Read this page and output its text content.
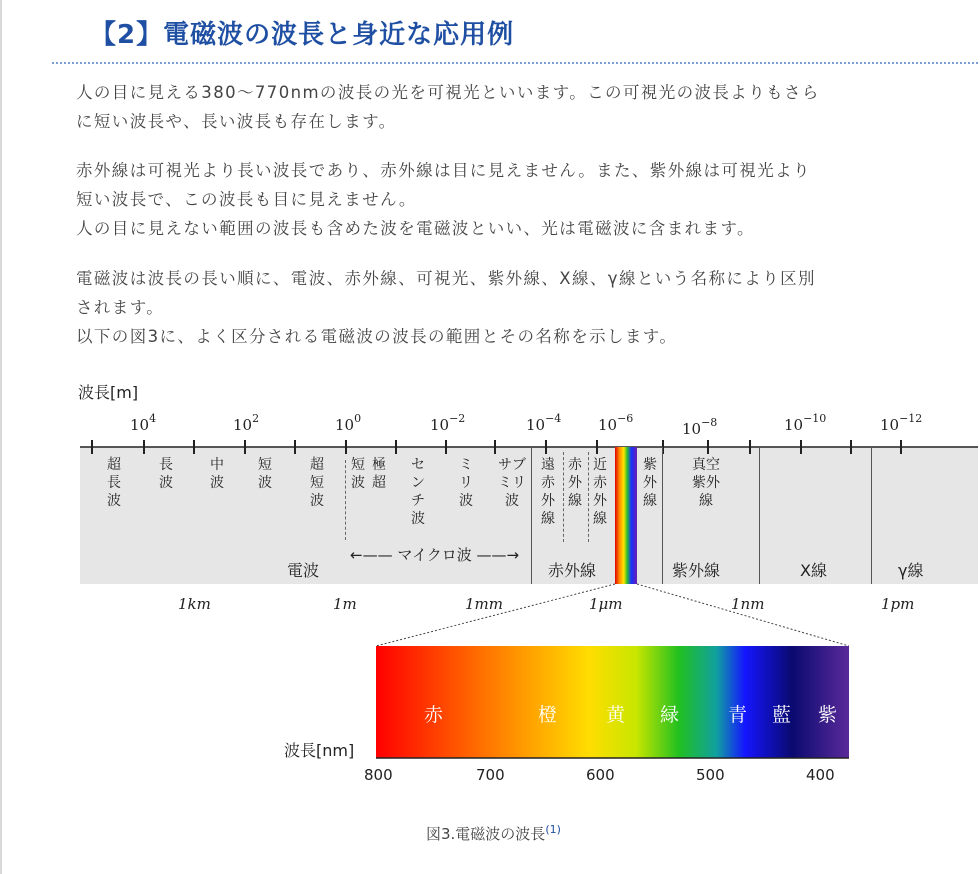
【2】電磁波の波長と身近な応用例

人の目に見える380〜770nmの波長の光を可視光といいます。この可視光の波長よりもさら
に短い波長や、長い波長も存在します。

赤外線は可視光より長い波長であり、赤外線は目に見えません。また、紫外線は可視光より
短い波長で、この波長も目に見えません。
人の目に見えない範囲の波長も含めた波を電磁波といい、光は電磁波に含まれます。

電磁波は波長の長い順に、電波、赤外線、可視光、紫外線、X線、γ線という名称により区別
されます。
以下の図3に、よく区分される電磁波の波長の範囲とその名称を示します。

波長[m]
$10^4$	$10^2$	$10^0$	$10^{-2}$	$10^{-4}$ $10^{-6}$
$10^{-8}$	$10^{-10}$	$10^{-12}$
超長波
長波
中波
短波
超短波
短波
極超
センチ波
ミリ波
サブミリ波
遠赤外線
赤外線
近赤外線
紫外線
真空紫外線
←—— マイクロ波 ——→
電波	赤外線	紫外線	X線	γ線
1km	1m	1mm	1μm	1nm	1pm
赤	橙	黄 緑	青 藍 紫
波長[nm]
800	700	600	500	400
図3.電磁波の波長$^{(1)}$
